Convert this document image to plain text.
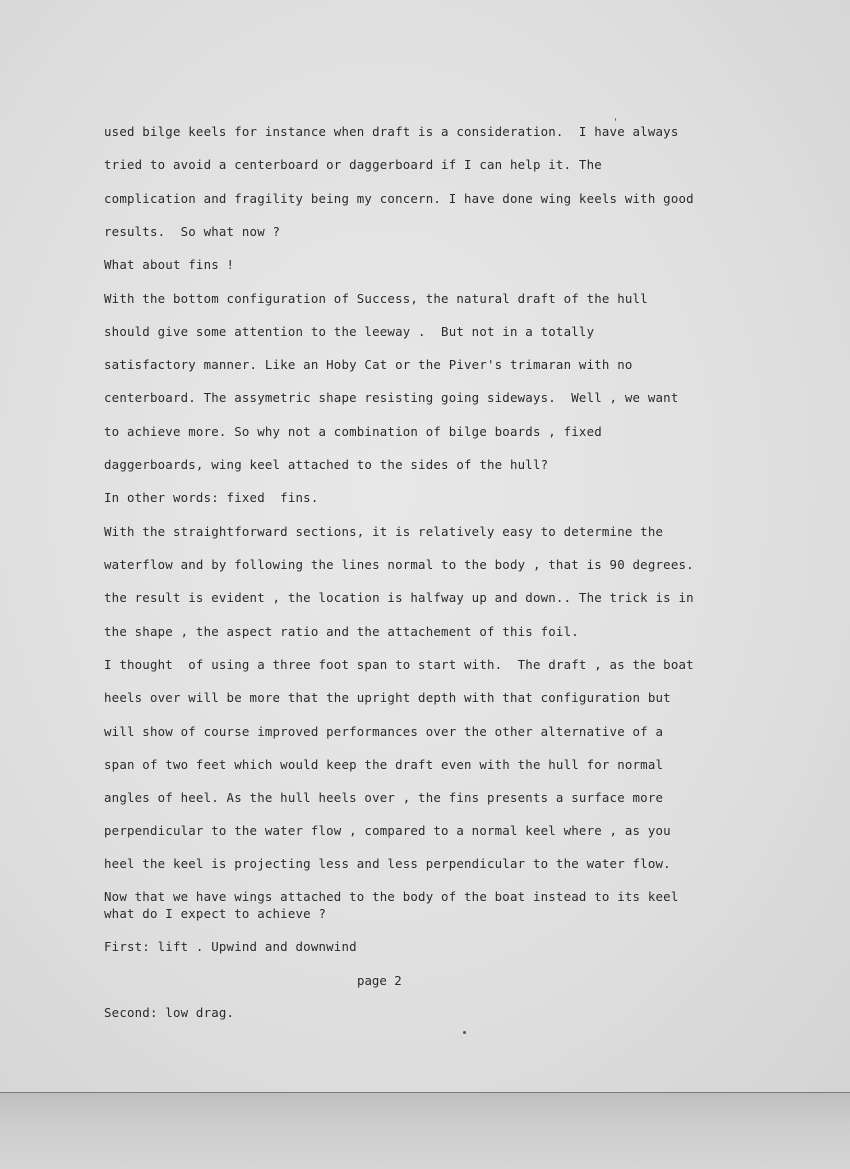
used bilge keels for instance when draft is a consideration.  I have always
tried to avoid a centerboard or daggerboard if I can help it. The
complication and fragility being my concern. I have done wing keels with good
results.  So what now ?
What about fins !
With the bottom configuration of Success, the natural draft of the hull
should give some attention to the leeway .  But not in a totally
satisfactory manner. Like an Hoby Cat or the Piver's trimaran with no
centerboard. The assymetric shape resisting going sideways.  Well , we want
to achieve more. So why not a combination of bilge boards , fixed
daggerboards, wing keel attached to the sides of the hull?
In other words: fixed  fins.
With the straightforward sections, it is relatively easy to determine the
waterflow and by following the lines normal to the body , that is 90 degrees.
the result is evident , the location is halfway up and down.. The trick is in
the shape , the aspect ratio and the attachement of this foil.
I thought  of using a three foot span to start with.  The draft , as the boat
heels over will be more that the upright depth with that configuration but
will show of course improved performances over the other alternative of a
span of two feet which would keep the draft even with the hull for normal
angles of heel. As the hull heels over , the fins presents a surface more
perpendicular to the water flow , compared to a normal keel where , as you
heel the keel is projecting less and less perpendicular to the water flow.
Now that we have wings attached to the body of the boat instead to its keel
what do I expect to achieve ?
First: lift . Upwind and downwind
page 2
Second: low drag.
